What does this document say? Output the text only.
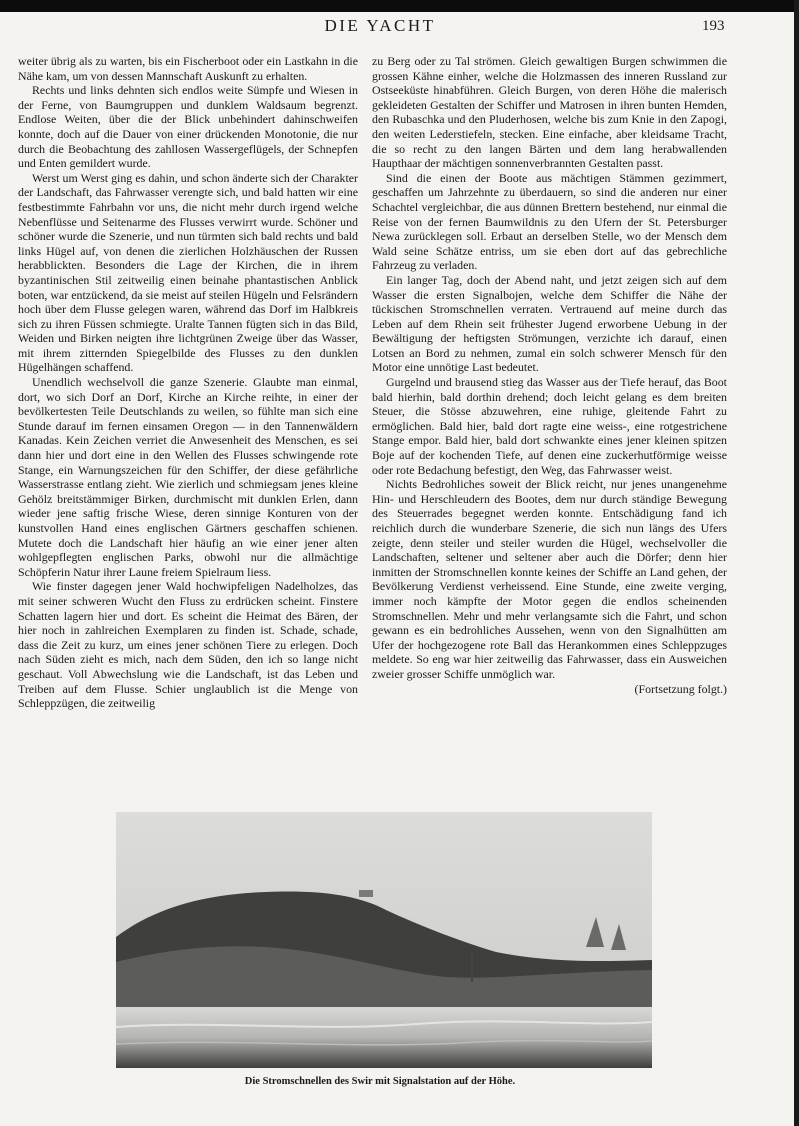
DIE YACHT	193

weiter übrig als zu warten, bis ein Fischerboot oder ein Lastkahn in die Nähe kam, um von dessen Mannschaft Auskunft zu erhalten.

Rechts und links dehnten sich endlos weite Sümpfe und Wiesen in der Ferne, von Baumgruppen und dunklem Waldsaum begrenzt. Endlose Weiten, über die der Blick unbehindert dahinschweifen konnte, doch auf die Dauer von einer drückenden Monotonie, die nur durch die Beobachtung des zahllosen Wassergeflügels, der Schnepfen und Enten gemildert wurde.

Werst um Werst ging es dahin, und schon änderte sich der Charakter der Landschaft, das Fahrwasser verengte sich, und bald hatten wir eine festbestimmte Fahrbahn vor uns, die nicht mehr durch irgend welche Nebenflüsse und Seitenarme des Flusses verwirrt wurde. Schöner und schöner wurde die Szenerie, und nun türmten sich bald rechts und bald links Hügel auf, von denen die zierlichen Holzhäuschen der Russen herabblickten. Besonders die Lage der Kirchen, die in ihrem byzantinischen Stil zeitweilig einen beinahe phantastischen Anblick boten, war entzückend, da sie meist auf steilen Hügeln und Felsrändern hoch über dem Flusse gelegen waren, während das Dorf im Halbkreis sich zu ihren Füssen schmiegte. Uralte Tannen fügten sich in das Bild, Weiden und Birken neigten ihre lichtgrünen Zweige über das Wasser, mit ihrem zitternden Spiegelbilde des Flusses zu den dunklen Hügelhängen schaffend.

Unendlich wechselvoll die ganze Szenerie. Glaubte man einmal, dort, wo sich Dorf an Dorf, Kirche an Kirche reihte, in einer der bevölkertesten Teile Deutschlands zu weilen, so fühlte man sich eine Stunde darauf im fernen einsamen Oregon — in den Tannenwäldern Kanadas. Kein Zeichen verriet die Anwesenheit des Menschen, es sei dann hier und dort eine in den Wellen des Flusses schwingende rote Stange, ein Warnungszeichen für den Schiffer, der diese gefährliche Wasserstrasse entlang zieht. Wie zierlich und schmiegsam jenes kleine Gehölz breitstämmiger Birken, durchmischt mit dunklen Erlen, dann wieder jene saftig frische Wiese, deren sinnige Konturen von der kunstvollen Hand eines englischen Gärtners geschaffen schienen. Mutete doch die Landschaft hier häufig an wie einer jener alten wohlgepflegten englischen Parks, obwohl nur die allmächtige Schöpferin Natur ihrer Laune freiem Spielraum liess.

Wie finster dagegen jener Wald hochwipfeligen Nadelholzes, das mit seiner schweren Wucht den Fluss zu erdrücken scheint. Finstere Schatten lagern hier und dort. Es scheint die Heimat des Bären, der hier noch in zahlreichen Exemplaren zu finden ist. Schade, schade, dass die Zeit zu kurz, um eines jener schönen Tiere zu erlegen. Doch nach Süden zieht es mich, nach dem Süden, den ich so lange nicht geschaut. Voll Abwechslung wie die Landschaft, ist das Leben und Treiben auf dem Flusse. Schier unglaublich ist die Menge von Schleppzügen, die zeitweilig

zu Berg oder zu Tal strömen. Gleich gewaltigen Burgen schwimmen die grossen Kähne einher, welche die Holzmassen des inneren Russland zur Ostseeküste hinabführen. Gleich Burgen, von deren Höhe die malerisch gekleideten Gestalten der Schiffer und Matrosen in ihren bunten Hemden, den Rubaschka und den Pluderhosen, welche bis zum Knie in den Zapogi, den weiten Lederstiefeln, stecken. Eine einfache, aber kleidsame Tracht, die so recht zu den langen Bärten und dem lang herabwallenden Haupthaar der mächtigen sonnenverbrannten Gestalten passt.

Sind die einen der Boote aus mächtigen Stämmen gezimmert, geschaffen um Jahrzehnte zu überdauern, so sind die anderen nur einer Schachtel vergleichbar, die aus dünnen Brettern bestehend, nur einmal die Reise von der fernen Baumwildnis zu den Ufern der St. Petersburger Newa zurücklegen soll. Erbaut an derselben Stelle, wo der Mensch dem Wald seine Schätze entriss, um sie eben dort auf das gebrechliche Fahrzeug zu verladen.

Ein langer Tag, doch der Abend naht, und jetzt zeigen sich auf dem Wasser die ersten Signalbojen, welche dem Schiffer die Nähe der tückischen Stromschnellen verraten. Vertrauend auf meine durch das Leben auf dem Rhein seit frühester Jugend erworbene Uebung in der Bewältigung der heftigsten Strömungen, verzichte ich darauf, einen Lotsen an Bord zu nehmen, zumal ein solch schwerer Mensch für den Motor eine unnötige Last bedeutet.

Gurgelnd und brausend stieg das Wasser aus der Tiefe herauf, das Boot bald hierhin, bald dorthin drehend; doch leicht gelang es dem breiten Steuer, die Stösse abzuwehren, eine ruhige, gleitende Fahrt zu ermöglichen. Bald hier, bald dort ragte eine weiss-, eine rotgestrichene Stange empor. Bald hier, bald dort schwankte eines jener kleinen spitzen Boje auf der kochenden Tiefe, auf denen eine zuckerhutförmige weisse oder rote Bedachung befestigt, den Weg, das Fahrwasser weist.

Nichts Bedrohliches soweit der Blick reicht, nur jenes unangenehme Hin- und Herschleudern des Bootes, dem nur durch ständige Bewegung des Steuerrades begegnet werden konnte. Entschädigung fand ich reichlich durch die wunderbare Szenerie, die sich nun längs des Ufers zeigte, denn steiler und steiler wurden die Hügel, wechselvoller die Landschaften, seltener und seltener aber auch die Dörfer; denn hier inmitten der Stromschnellen konnte keines der Schiffe an Land gehen, der Bevölkerung Verdienst verheissend. Eine Stunde, eine zweite verging, immer noch kämpfte der Motor gegen die endlos scheinenden Stromschnellen. Mehr und mehr verlangsamte sich die Fahrt, und schon gewann es ein bedrohliches Aussehen, wenn von den Signalhütten am Ufer der hochgezogene rote Ball das Herankommen eines Schleppzuges meldete. So eng war hier zeitweilig das Fahrwasser, dass ein Ausweichen zweier grosser Schiffe unmöglich war.

(Fortsetzung folgt.)

Die Stromschnellen des Swir mit Signalstation auf der Höhe.
